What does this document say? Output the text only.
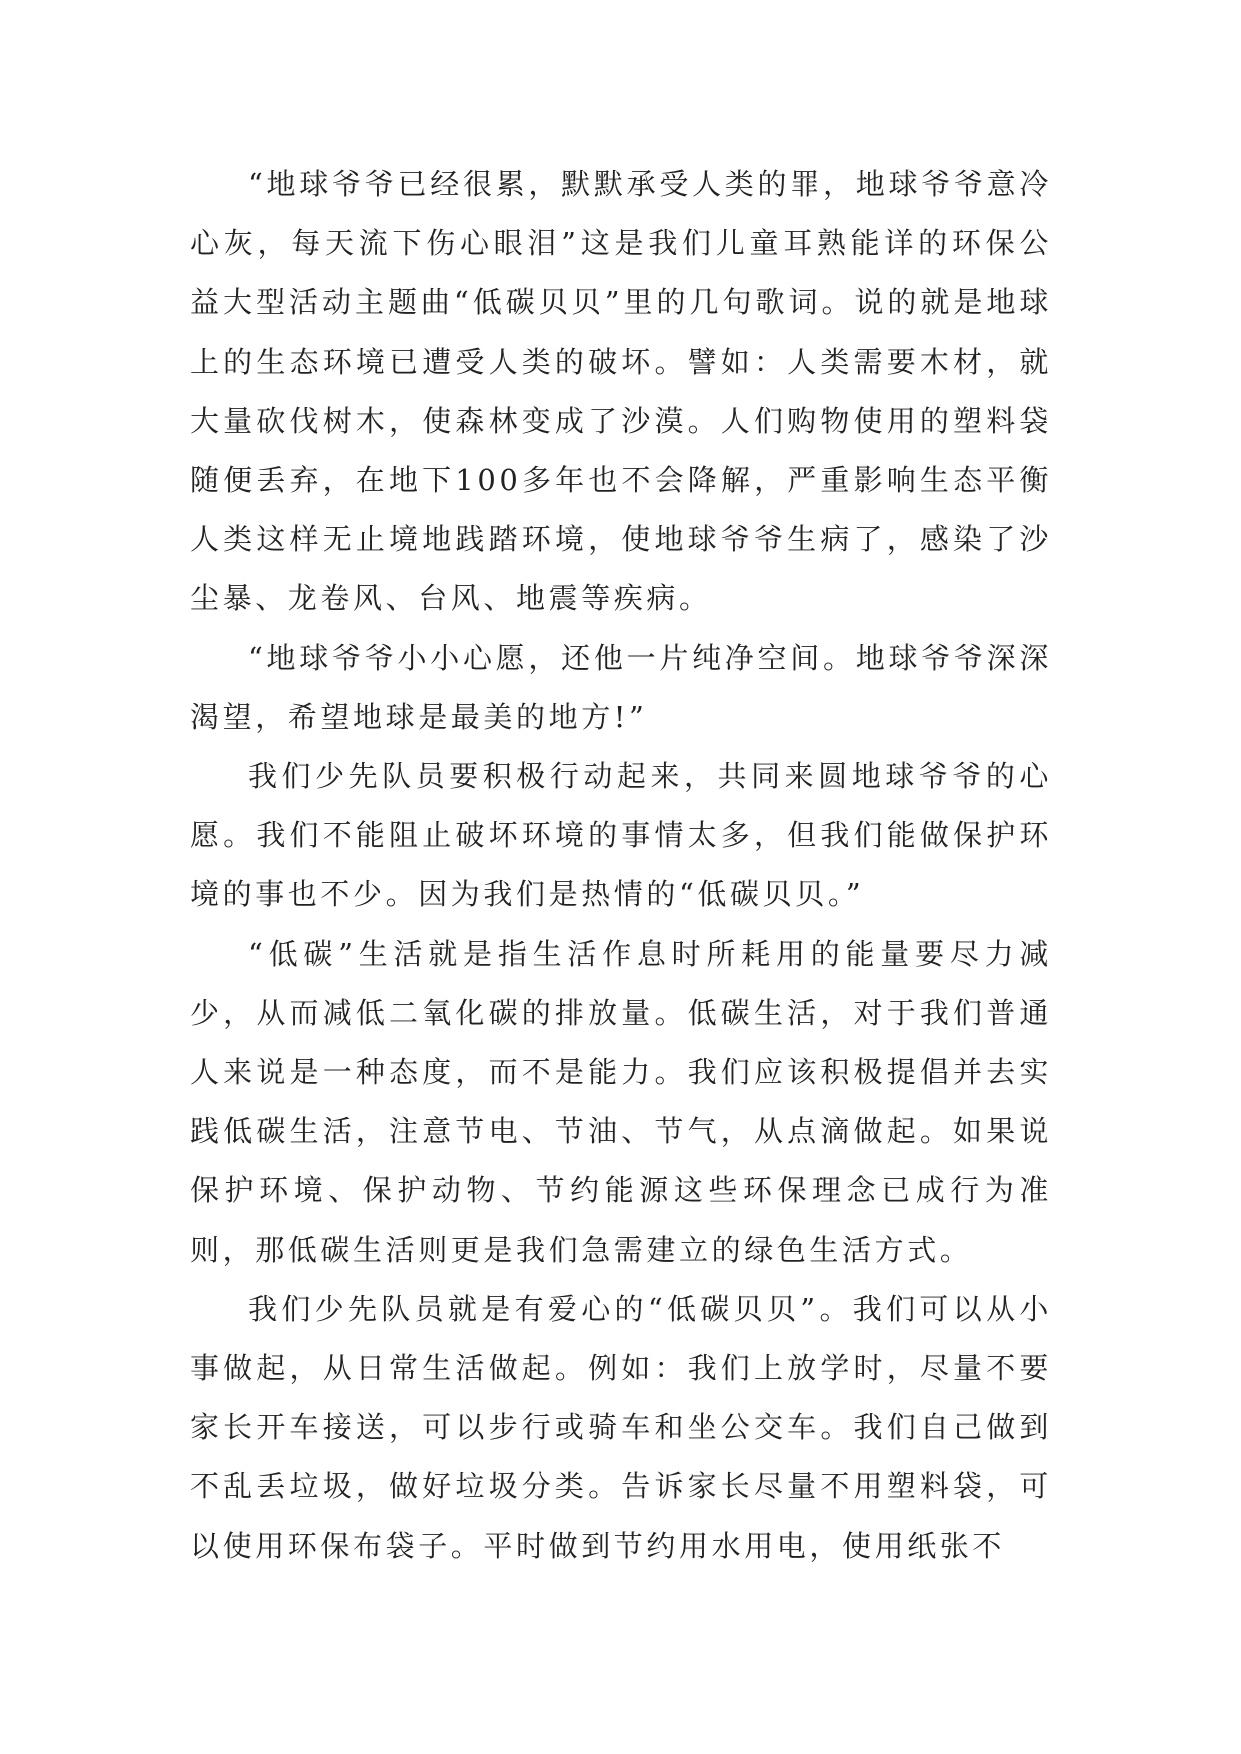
“地球爷爷已经很累，默默承受人类的罪，地球爷爷意冷心灰，每天流下伤心眼泪”这是我们儿童耳熟能详的环保公益大型活动主题曲“低碳贝贝”里的几句歌词。说的就是地球上的生态环境已遭受人类的破坏。譬如：人类需要木材，就大量砍伐树木，使森林变成了沙漠。人们购物使用的塑料袋随便丢弃，在地下100多年也不会降解，严重影响生态平衡人类这样无止境地践踏环境，使地球爷爷生病了，感染了沙尘暴、龙卷风、台风、地震等疾病。

“地球爷爷小小心愿，还他一片纯净空间。地球爷爷深深渴望，希望地球是最美的地方!”

我们少先队员要积极行动起来，共同来圆地球爷爷的心愿。我们不能阻止破坏环境的事情太多，但我们能做保护环境的事也不少。因为我们是热情的“低碳贝贝。”

“低碳”生活就是指生活作息时所耗用的能量要尽力减少，从而减低二氧化碳的排放量。低碳生活，对于我们普通人来说是一种态度，而不是能力。我们应该积极提倡并去实践低碳生活，注意节电、节油、节气，从点滴做起。如果说保护环境、保护动物、节约能源这些环保理念已成行为准则，那低碳生活则更是我们急需建立的绿色生活方式。

我们少先队员就是有爱心的“低碳贝贝”。我们可以从小事做起，从日常生活做起。例如：我们上放学时，尽量不要家长开车接送，可以步行或骑车和坐公交车。我们自己做到不乱丢垃圾，做好垃圾分类。告诉家长尽量不用塑料袋，可以使用环保布袋子。平时做到节约用水用电，使用纸张不
